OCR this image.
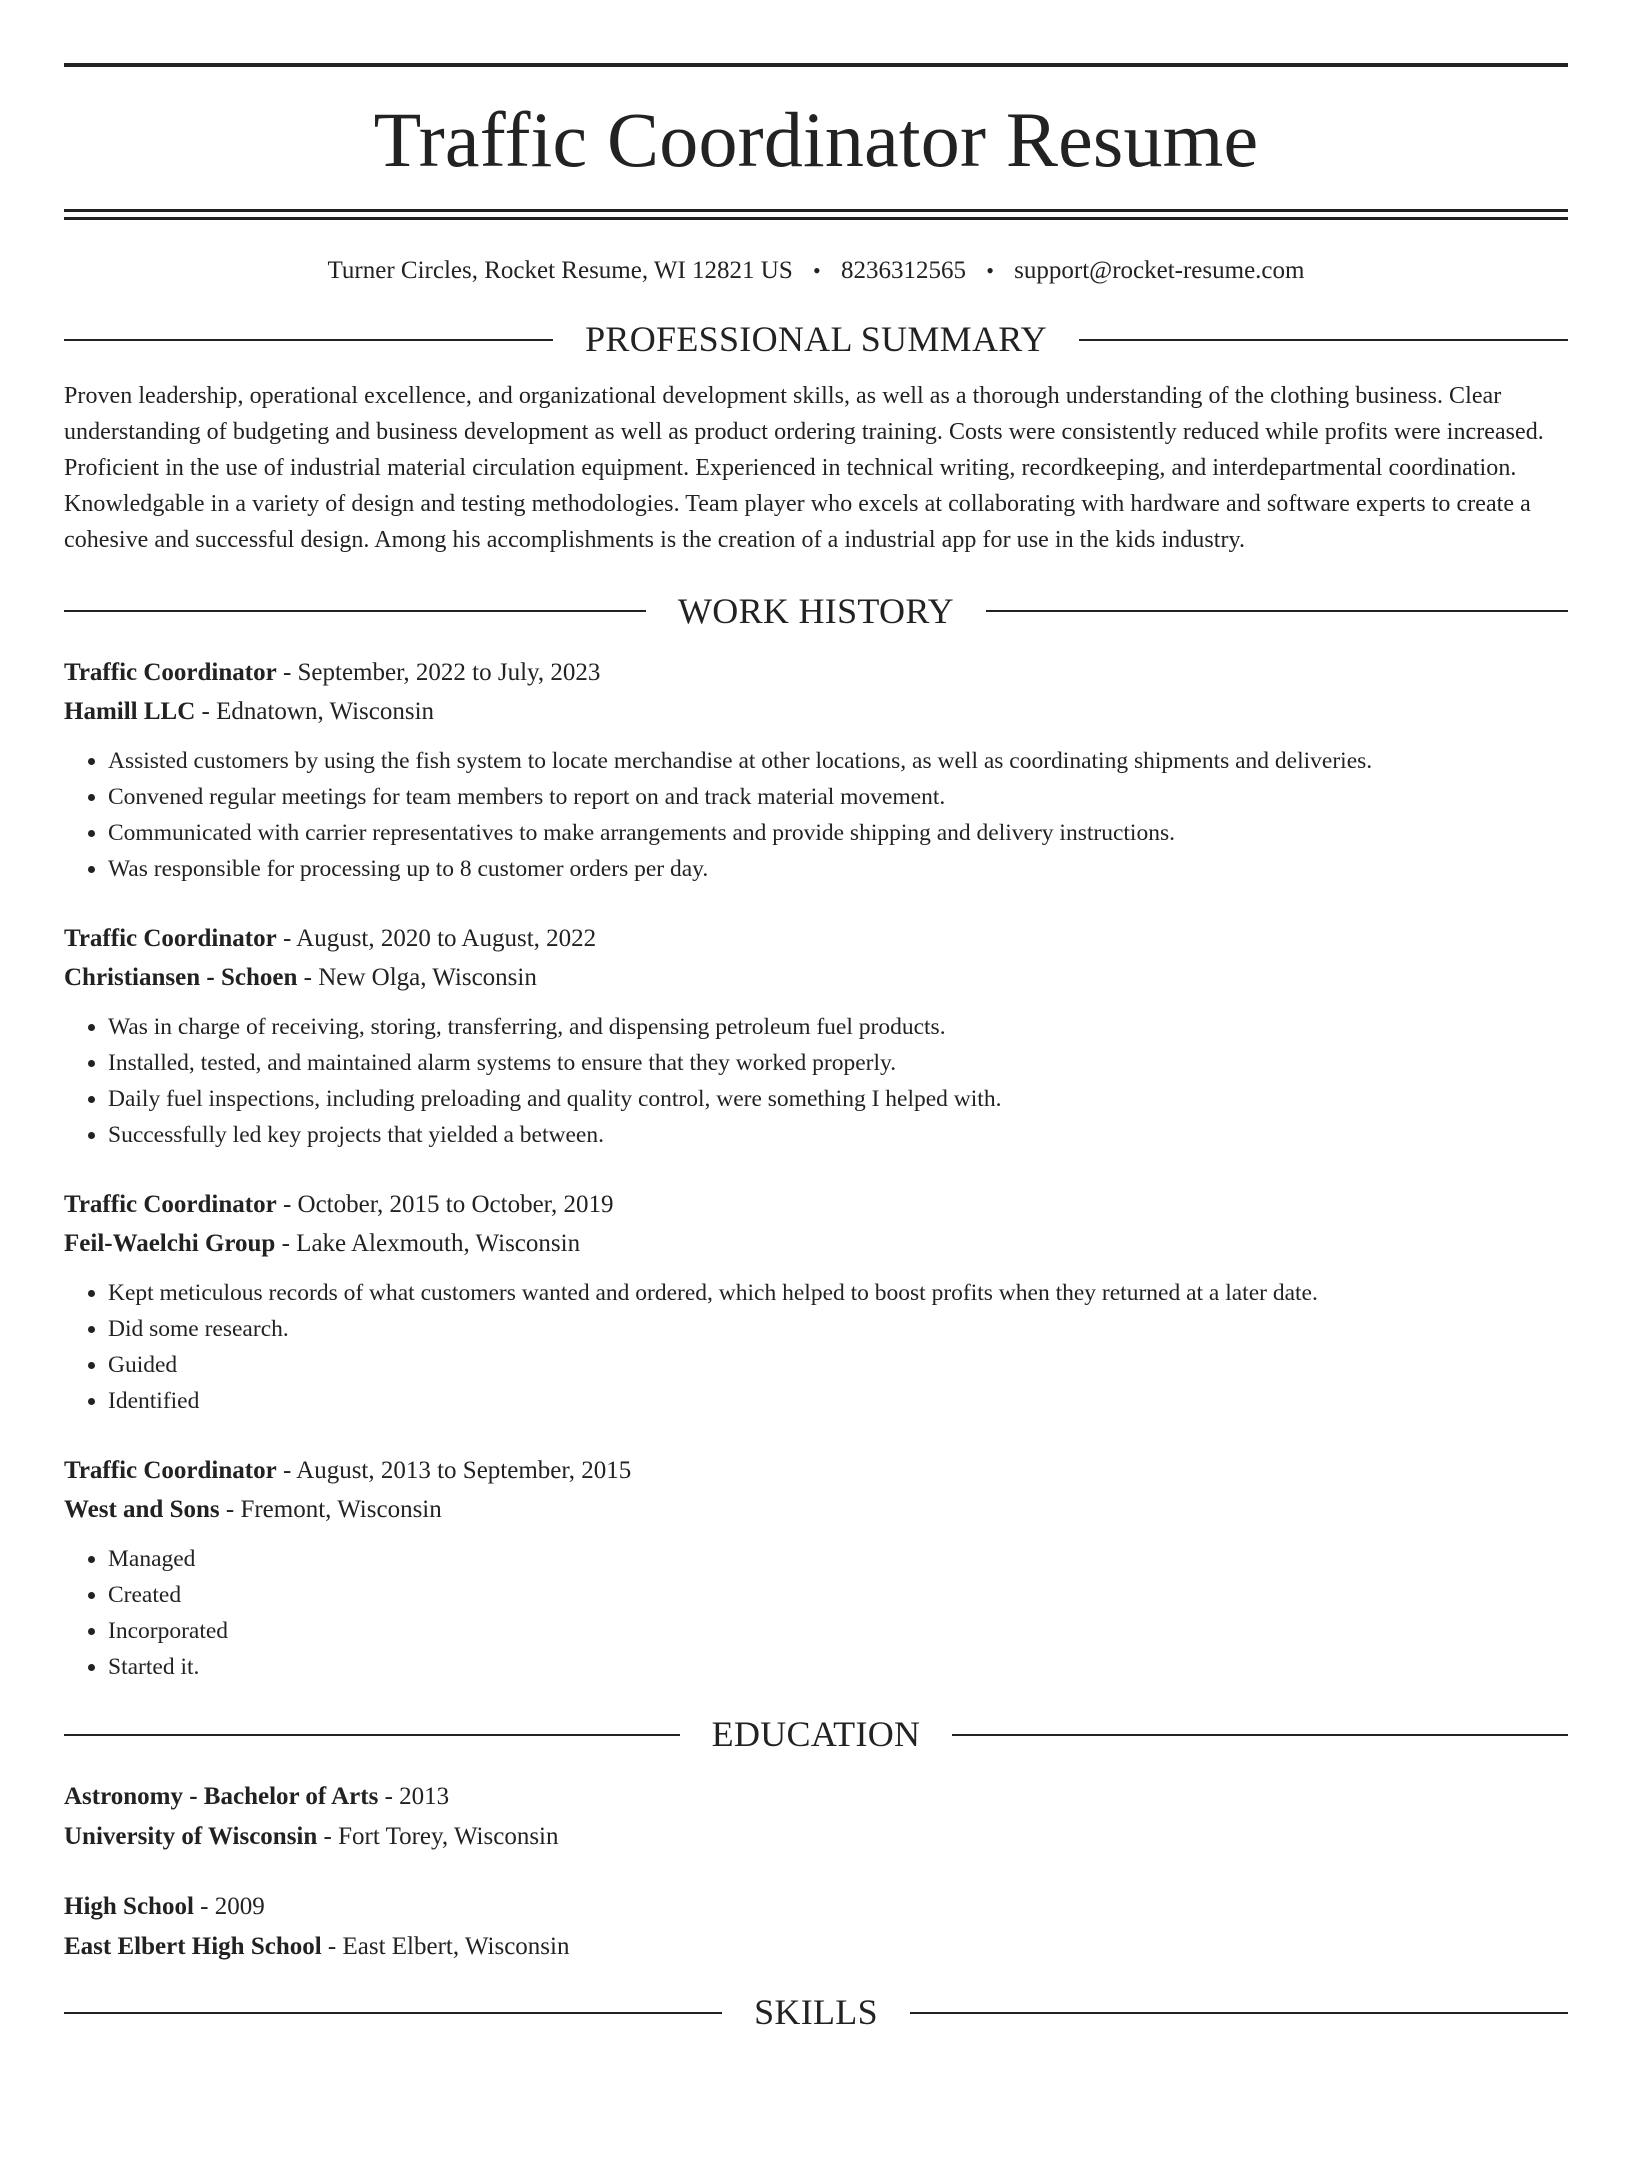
Traffic Coordinator Resume
Turner Circles, Rocket Resume, WI 12821 US • 8236312565 • support@rocket-resume.com
PROFESSIONAL SUMMARY
Proven leadership, operational excellence, and organizational development skills, as well as a thorough understanding of the clothing business. Clear understanding of budgeting and business development as well as product ordering training. Costs were consistently reduced while profits were increased. Proficient in the use of industrial material circulation equipment. Experienced in technical writing, recordkeeping, and interdepartmental coordination. Knowledgable in a variety of design and testing methodologies. Team player who excels at collaborating with hardware and software experts to create a cohesive and successful design. Among his accomplishments is the creation of a industrial app for use in the kids industry.
WORK HISTORY
Traffic Coordinator - September, 2022 to July, 2023
Hamill LLC - Ednatown, Wisconsin
• Assisted customers by using the fish system to locate merchandise at other locations, as well as coordinating shipments and deliveries.
• Convened regular meetings for team members to report on and track material movement.
• Communicated with carrier representatives to make arrangements and provide shipping and delivery instructions.
• Was responsible for processing up to 8 customer orders per day.
Traffic Coordinator - August, 2020 to August, 2022
Christiansen - Schoen - New Olga, Wisconsin
• Was in charge of receiving, storing, transferring, and dispensing petroleum fuel products.
• Installed, tested, and maintained alarm systems to ensure that they worked properly.
• Daily fuel inspections, including preloading and quality control, were something I helped with.
• Successfully led key projects that yielded a between.
Traffic Coordinator - October, 2015 to October, 2019
Feil-Waelchi Group - Lake Alexmouth, Wisconsin
• Kept meticulous records of what customers wanted and ordered, which helped to boost profits when they returned at a later date.
• Did some research.
• Guided
• Identified
Traffic Coordinator - August, 2013 to September, 2015
West and Sons - Fremont, Wisconsin
• Managed
• Created
• Incorporated
• Started it.
EDUCATION
Astronomy - Bachelor of Arts - 2013
University of Wisconsin - Fort Torey, Wisconsin
High School - 2009
East Elbert High School - East Elbert, Wisconsin
SKILLS
